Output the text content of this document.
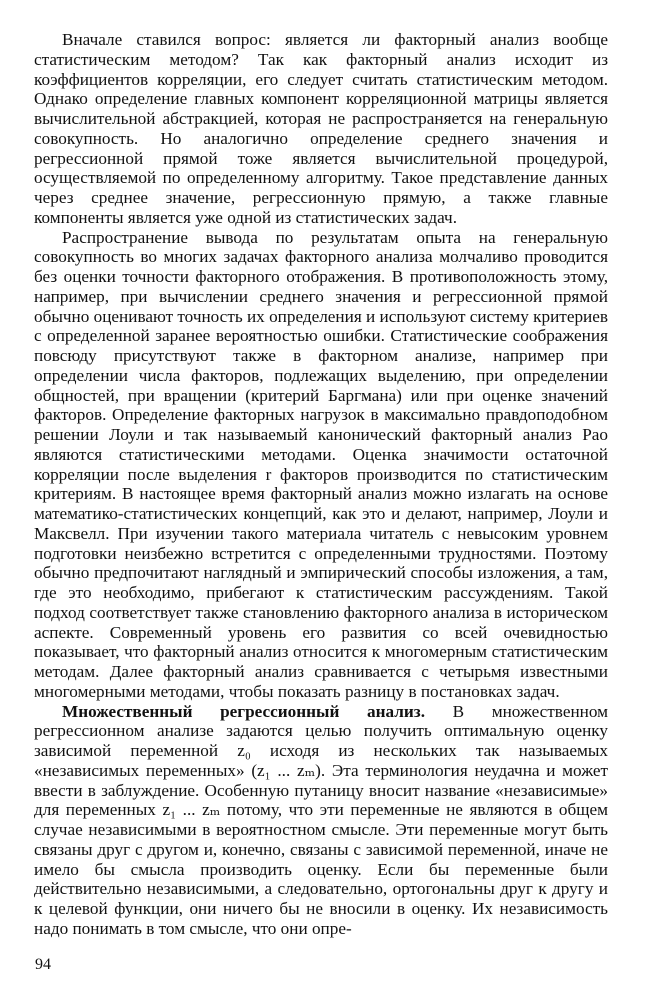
Вначале ставился вопрос: является ли факторный анализ вообще статистическим методом? Так как факторный анализ исходит из коэффициентов корреляции, его следует считать статистическим методом. Однако определение главных компонент корреляционной матрицы является вычислительной абстракцией, которая не распространяется на генеральную совокупность. Но аналогично определение среднего значения и регрессионной прямой тоже является вычислительной процедурой, осуществляемой по определенному алгоритму. Такое представление данных через среднее значение, регрессионную прямую, а также главные компоненты является уже одной из статистических задач.

Распространение вывода по результатам опыта на генеральную совокупность во многих задачах факторного анализа молчаливо проводится без оценки точности факторного отображения. В противоположность этому, например, при вычислении среднего значения и регрессионной прямой обычно оценивают точность их определения и используют систему критериев с определенной заранее вероятностью ошибки. Статистические соображения повсюду присутствуют также в факторном анализе, например при определении числа факторов, подлежащих выделению, при определении общностей, при вращении (критерий Баргмана) или при оценке значений факторов. Определение факторных нагрузок в максимально правдоподобном решении Лоули и так называемый канонический факторный анализ Рао являются статистическими методами. Оценка значимости остаточной корреляции после выделения r факторов производится по статистическим критериям. В настоящее время факторный анализ можно излагать на основе математико-статистических концепций, как это и делают, например, Лоули и Максвелл. При изучении такого материала читатель с невысоким уровнем подготовки неизбежно встретится с определенными трудностями. Поэтому обычно предпочитают наглядный и эмпирический способы изложения, а там, где это необходимо, прибегают к статистическим рассуждениям. Такой подход соответствует также становлению факторного анализа в историческом аспекте. Современный уровень его развития со всей очевидностью показывает, что факторный анализ относится к многомерным статистическим методам. Далее факторный анализ сравнивается с четырьмя известными многомерными методами, чтобы показать разницу в постановках задач.

Множественный регрессионный анализ. В множественном регрессионном анализе задаются целью получить оптимальную оценку зависимой переменной z₀ исходя из нескольких так называемых «независимых переменных» (z₁ ... zₘ). Эта терминология неудачна и может ввести в заблуждение. Особенную путаницу вносит название «независимые» для переменных z₁ ... zₘ потому, что эти переменные не являются в общем случае независимыми в вероятностном смысле. Эти переменные могут быть связаны друг с другом и, конечно, связаны с зависимой переменной, иначе не имело бы смысла производить оценку. Если бы переменные были действительно независимыми, а следовательно, ортогональны друг к другу и к целевой функции, они ничего бы не вносили в оценку. Их независимость надо понимать в том смысле, что они опре-

94
